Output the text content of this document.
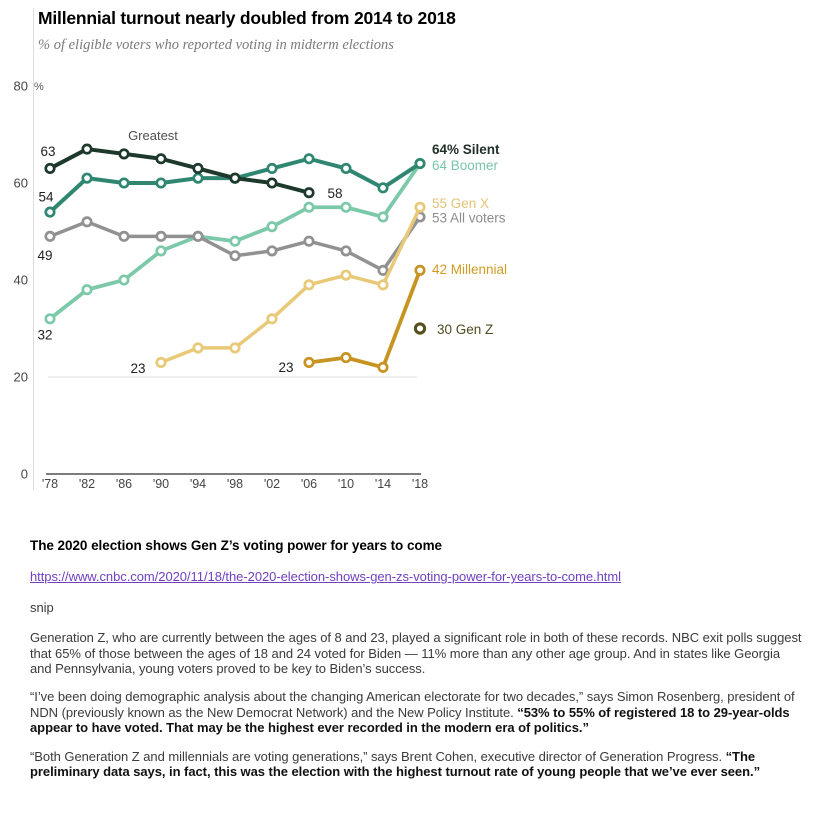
Millennial turnout nearly doubled from 2014 to 2018

% of eligible voters who reported voting in midterm elections

0
20
40
60
80 %
'78 '82 '86 '90 '94 '98 '02 '06 '10 '14 '18
32
64 Boomer
49
53 All voters
23
55 Gen X
54
64% Silent
63
58
Greatest
23
42 Millennial
30 Gen Z
The 2020 election shows Gen Z’s voting power for years to come
https://www.cnbc.com/2020/11/18/the-2020-election-shows-gen-zs-voting-power-for-years-to-come.html
snip

Generation Z, who are currently between the ages of 8 and 23, played a significant role in both of these records. NBC exit polls suggest that 65% of those between the ages of 18 and 24 voted for Biden — 11% more than any other age group. And in states like Georgia and Pennsylvania, young voters proved to be key to Biden’s success.

“I’ve been doing demographic analysis about the changing American electorate for two decades,” says Simon Rosenberg, president of NDN (previously known as the New Democrat Network) and the New Policy Institute. “53% to 55% of registered 18 to 29-year-olds appear to have voted. That may be the highest ever recorded in the modern era of politics.”

“Both Generation Z and millennials are voting generations,” says Brent Cohen, executive director of Generation Progress. “The preliminary data says, in fact, this was the election with the highest turnout rate of young people that we’ve ever seen.”
